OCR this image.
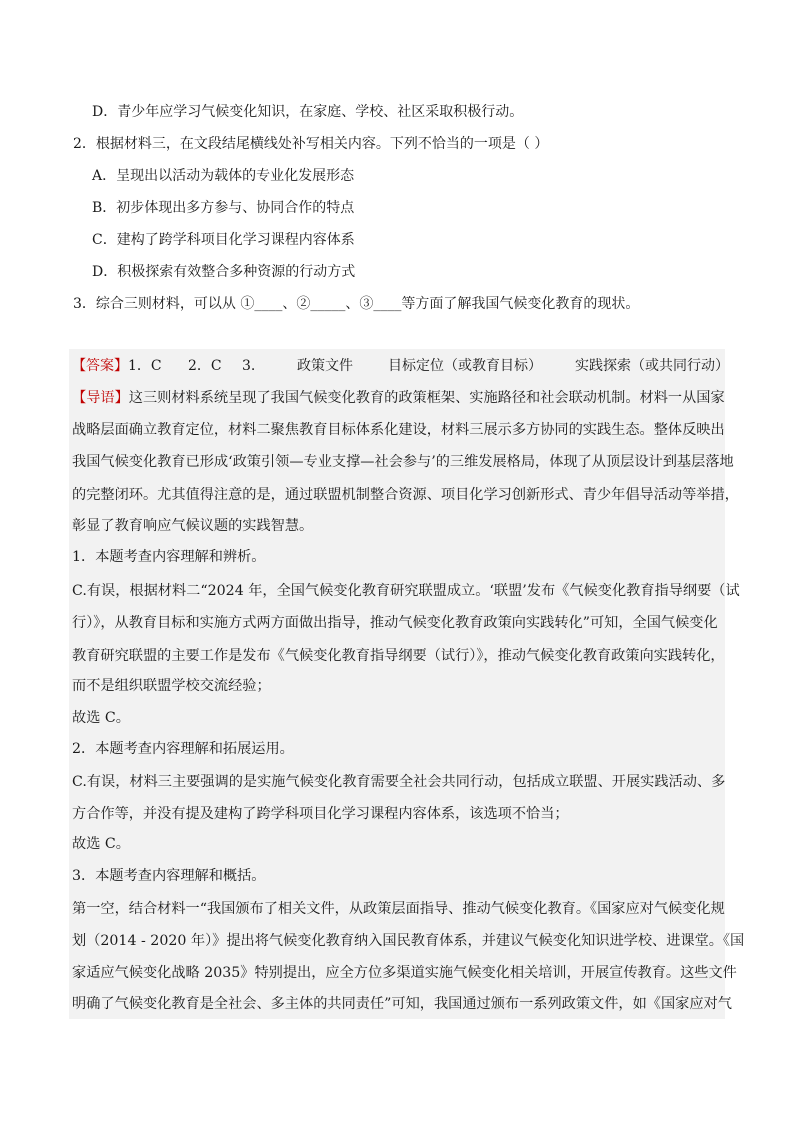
D．青少年应学习气候变化知识，在家庭、学校、社区采取积极行动。
2．根据材料三，在文段结尾横线处补写相关内容。下列不恰当的一项是（ ）
A．呈现出以活动为载体的专业化发展形态
B．初步体现出多方参与、协同合作的特点
C．建构了跨学科项目化学习课程内容体系
D．积极探索有效整合多种资源的行动方式
3．综合三则材料，可以从 ①____、②_____、③____等方面了解我国气候变化教育的现状。
【答案】 1．C 2．C 3.	政策文件	目标定位（或教育目标） 实践探索（或共同行动）
【导语】这三则材料系统呈现了我国气候变化教育的政策框架、实施路径和社会联动机制。材料一从国家
战略层面确立教育定位，材料二聚焦教育目标体系化建设，材料三展示多方协同的实践生态。整体反映出
我国气候变化教育已形成‘政策引领—专业支撑—社会参与’的三维发展格局，体现了从顶层设计到基层落地
的完整闭环。尤其值得注意的是，通过联盟机制整合资源、项目化学习创新形式、青少年倡导活动等举措，
彰显了教育响应气候议题的实践智慧。
1．本题考查内容理解和辨析。
C.有误，根据材料二“2024 年，全国气候变化教育研究联盟成立。‘联盟’发布《气候变化教育指导纲要（试
行）》，从教育目标和实施方式两方面做出指导，推动气候变化教育政策向实践转化”可知，全国气候变化
教育研究联盟的主要工作是发布《气候变化教育指导纲要（试行）》，推动气候变化教育政策向实践转化，
而不是组织联盟学校交流经验；
故选 C。
2．本题考查内容理解和拓展运用。
C.有误，材料三主要强调的是实施气候变化教育需要全社会共同行动，包括成立联盟、开展实践活动、多
方合作等，并没有提及建构了跨学科项目化学习课程内容体系，该选项不恰当；
故选 C。
3．本题考查内容理解和概括。
第一空，结合材料一“我国颁布了相关文件，从政策层面指导、推动气候变化教育。《国家应对气候变化规
划（2014 - 2020 年）》提出将气候变化教育纳入国民教育体系，并建议气候变化知识进学校、进课堂。《国
家适应气候变化战略 2035》特别提出，应全方位多渠道实施气候变化相关培训，开展宣传教育。这些文件
明确了气候变化教育是全社会、多主体的共同责任”可知，我国通过颁布一系列政策文件，如《国家应对气
